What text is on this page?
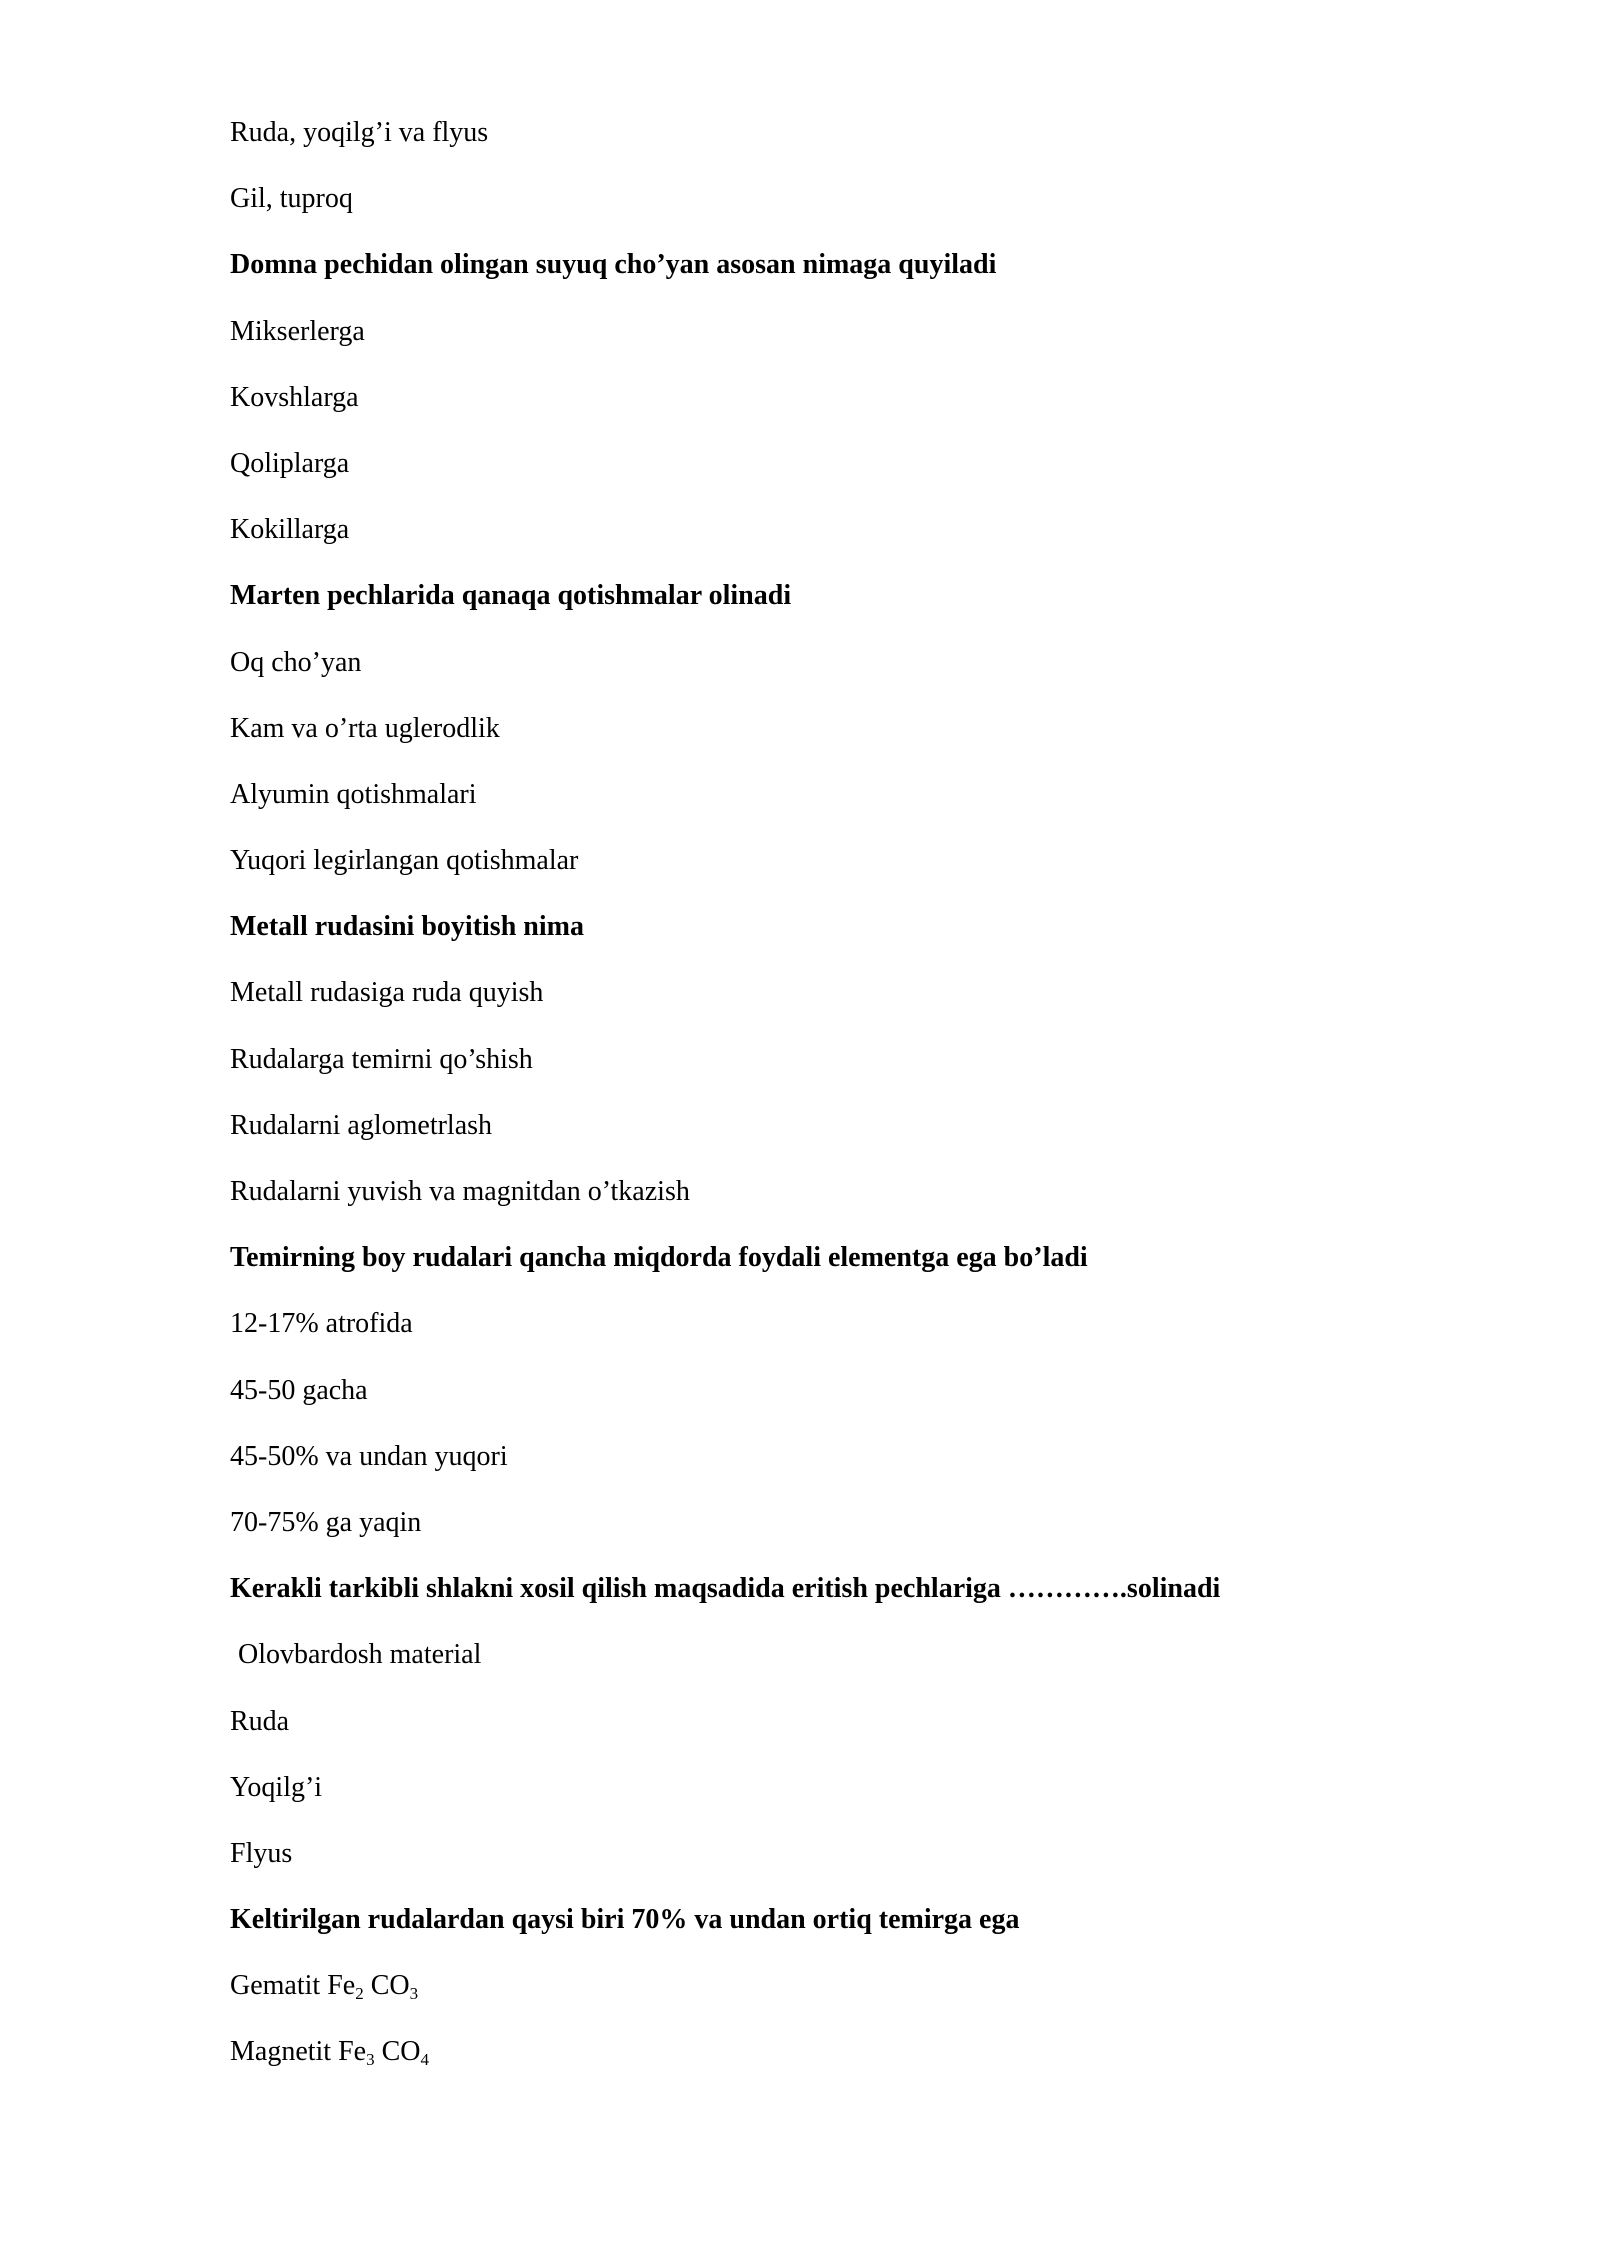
Ruda, yoqilg’i va flyus
Gil, tuproq
Domna pechidan olingan suyuq cho’yan asosan nimaga quyiladi
Mikserlerga
Kovshlarga
Qoliplarga
Kokillarga
Marten pechlarida qanaqa qotishmalar olinadi
Oq cho’yan
Kam va o’rta uglerodlik
Alyumin qotishmalari
Yuqori legirlangan qotishmalar
Metall rudasini boyitish nima
Metall rudasiga ruda quyish
Rudalarga temirni qo’shish
Rudalarni aglometrlash
Rudalarni yuvish va magnitdan o’tkazish
Temirning boy rudalari qancha miqdorda foydali elementga ega bo’ladi
12-17% atrofida
45-50 gacha
45-50% va undan yuqori
70-75% ga yaqin
Kerakli tarkibli shlakni xosil qilish maqsadida eritish pechlariga ………….solinadi
Olovbardosh material
Ruda
Yoqilg’i
Flyus
Keltirilgan rudalardan qaysi biri 70% va undan ortiq temirga ega
Gematit $Fe_2$ $CO_3$
Magnetit $Fe_3$ $CO_4$
